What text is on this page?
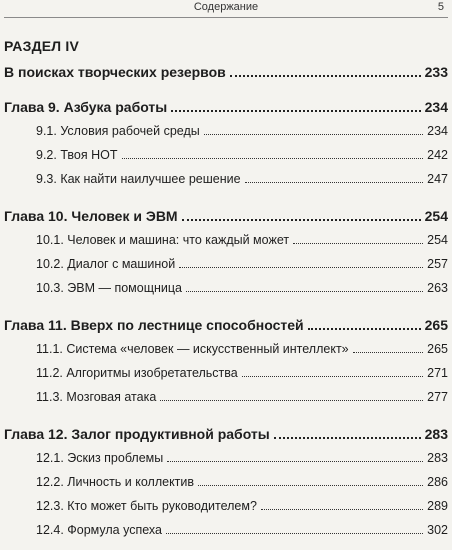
Содержание	5
РАЗДЕЛ IV
В поисках творческих резервов	233
Глава 9. Азбука работы	234
9.1. Условия рабочей среды	234
9.2. Твоя НОТ	242
9.3. Как найти наилучшее решение	247
Глава 10. Человек и ЭВМ	254
10.1. Человек и машина: что каждый может	254
10.2. Диалог с машиной	257
10.3. ЭВМ — помощница	263
Глава 11. Вверх по лестнице способностей	265
11.1. Система «человек — искусственный интеллект»	265
11.2. Алгоритмы изобретательства	271
11.3. Мозговая атака	277
Глава 12. Залог продуктивной работы	283
12.1. Эскиз проблемы	283
12.2. Личность и коллектив	286
12.3. Кто может быть руководителем?	289
12.4. Формула успеха	302
